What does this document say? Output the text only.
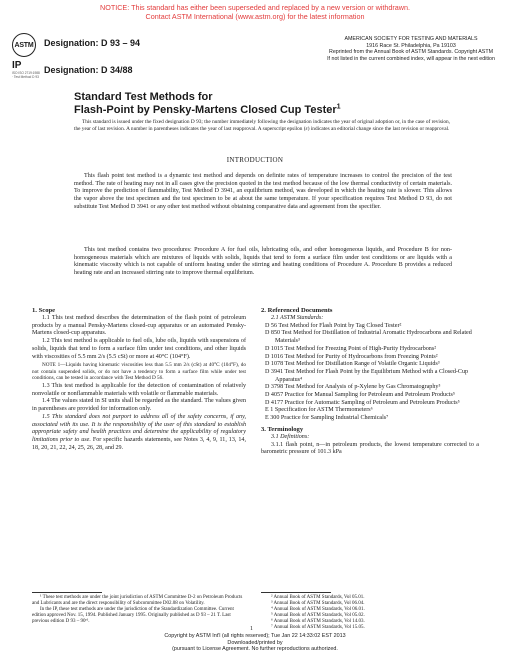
NOTICE: This standard has either been superseded and replaced by a new version or withdrawn.
Contact ASTM International (www.astm.org) for the latest information
ASTM Designation: D 93 – 94
IP
ISO ISO 2719:1988 · Test Method D 93
Designation: D 34/88
AMERICAN SOCIETY FOR TESTING AND MATERIALS
1916 Race St. Philadelphia, Pa 19103
Reprinted from the Annual Book of ASTM Standards. Copyright ASTM
If not listed in the current combined index, will appear in the next edition
Standard Test Methods for
Flash-Point by Pensky-Martens Closed Cup Tester$^1$

This standard is issued under the fixed designation D 93; the number immediately following the designation indicates the year of original adoption or, in the case of revision, the year of last revision. A number in parentheses indicates the year of last reapproval. A superscript epsilon (ε) indicates an editorial change since the last revision or reapproval.

INTRODUCTION

This flash point test method is a dynamic test method and depends on definite rates of temperature increases to control the precision of the test method. The rate of heating may not in all cases give the precision quoted in the test method because of the low thermal conductivity of certain materials. To improve the prediction of flammability, Test Method D 3941, an equilibrium method, was developed in which the heating rate is slower. This allows the vapor above the test specimen and the test specimen to be at about the same temperature. If your specification requires Test Method D 93, do not substitute Test Method D 3941 or any other test method without obtaining comparative data and agreement from the specifier.

This test method contains two procedures: Procedure A for fuel oils, lubricating oils, and other homogeneous liquids, and Procedure B for non-homogeneous materials which are mixtures of liquids with solids, liquids that tend to form a surface film under test conditions or are liquids with a kinematic viscosity which is not capable of uniform heating under the stirring and heating conditions of Procedure A. Procedure B provides a reduced heating rate and an increased stirring rate to improve thermal equilibrium.

1. Scope

1.1 This test method describes the determination of the flash point of petroleum products by a manual Pensky-Martens closed-cup apparatus or an automated Pensky-Martens closed-cup apparatus.

1.2 This test method is applicable to fuel oils, lube oils, liquids with suspensions of solids, liquids that tend to form a surface film under test conditions, and other liquids with viscosities of 5.5 mm 2/s (5.5 cSt) or more at 40°C (104°F).

NOTE 1—Liquids having kinematic viscosities less than 5.5 mm 2/s (cSt) at 40°C (104°F), do not contain suspended solids, or do not have a tendency to form a surface film while under test conditions, can be tested in accordance with Test Method D 56.

1.3 This test method is applicable for the detection of contamination of relatively nonvolatile or nonflammable materials with volatile or flammable materials.

1.4 The values stated in SI units shall be regarded as the standard. The values given in parentheses are provided for information only.

1.5 This standard does not purport to address all of the safety concerns, if any, associated with its use. It is the responsibility of the user of this standard to establish appropriate safety and health practices and determine the applicability of regulatory limitations prior to use. For specific hazards statements, see Notes 3, 4, 9, 11, 13, 14, 18, 20, 21, 22, 24, 25, 26, 28, and 29.

2. Referenced Documents

2.1 ASTM Standards:

D 56 Test Method for Flash Point by Tag Closed Tester²

D 850 Test Method for Distillation of Industrial Aromatic Hydrocarbons and Related Materials³

D 1015 Test Method for Freezing Point of High-Purity Hydrocarbons²

D 1016 Test Method for Purity of Hydrocarbons from Freezing Points²

D 1078 Test Method for Distillation Range of Volatile Organic Liquids³

D 3941 Test Method for Flash Point by the Equilibrium Method with a Closed-Cup Apparatus⁴

D 3798 Test Method for Analysis of p-Xylene by Gas Chromatography³

D 4057 Practice for Manual Sampling for Petroleum and Petroleum Products⁵

D 4177 Practice for Automatic Sampling of Petroleum and Petroleum Products⁵

E 1 Specification for ASTM Thermometers⁶

E 300 Practice for Sampling Industrial Chemicals⁷

3. Terminology

3.1 Definitions:

3.1.1 flash point, n—in petroleum products, the lowest temperature corrected to a barometric pressure of 101.3 kPa

¹ These test methods are under the joint jurisdiction of ASTM Committee D-2 on Petroleum Products and Lubricants and are the direct responsibility of Subcommittee D02.08 on Volatility.

In the IP, these test methods are under the jurisdiction of the Standardization Committee. Current edition approved Nov. 15, 1994. Published January 1995. Originally published as D 93 – 21 T. Last previous edition D 93 – 90ᵉ¹.

² Annual Book of ASTM Standards, Vol 05.01.

³ Annual Book of ASTM Standards, Vol 06.04.

⁴ Annual Book of ASTM Standards, Vol 06.01.

⁵ Annual Book of ASTM Standards, Vol 05.02.

⁶ Annual Book of ASTM Standards, Vol 14.03.

⁷ Annual Book of ASTM Standards, Vol 15.05.

Copyright by ASTM Int'l (all rights reserved); Tue Jan 22 14:33:02 EST 2013
Downloaded/printed by
(pursuant to License Agreement. No further reproductions authorized.
1
